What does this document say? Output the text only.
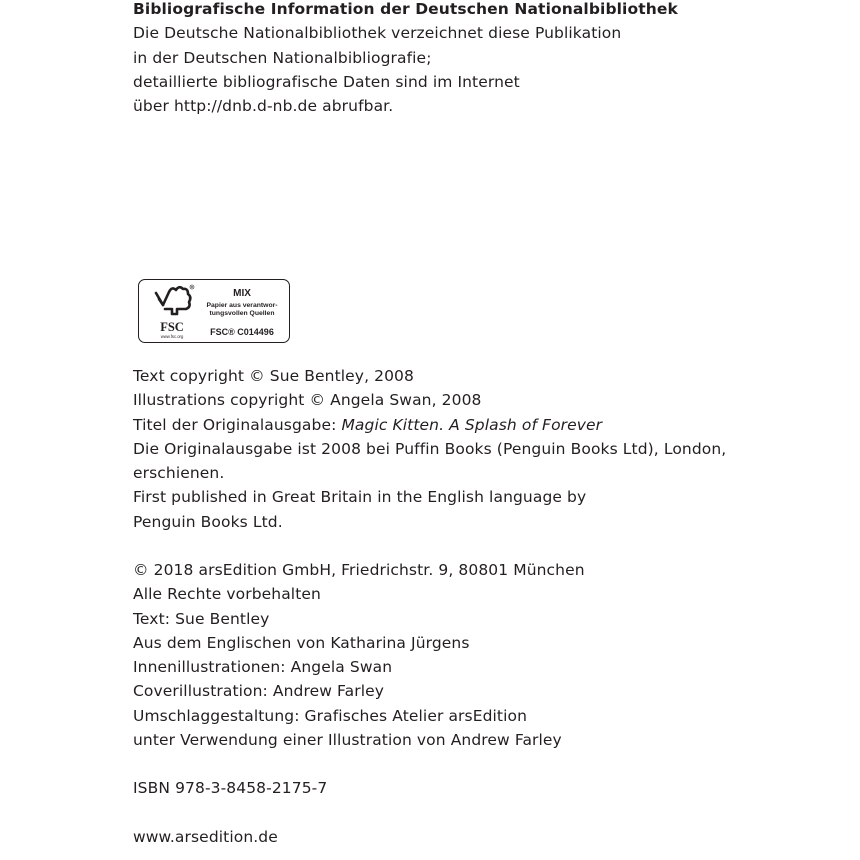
Bibliografische Information der Deutschen Nationalbibliothek
Die Deutsche Nationalbibliothek verzeichnet diese Publikation
in der Deutschen Nationalbibliografie;
detaillierte bibliografische Daten sind im Internet
über http://dnb.d-nb.de abrufbar.
R
FSC
www.fsc.org
MIX
Papier aus verantwor-
tungsvollen Quellen
FSC® C014496
Text copyright © Sue Bentley, 2008
Illustrations copyright © Angela Swan, 2008
Titel der Originalausgabe: Magic Kitten. A Splash of Forever
Die Originalausgabe ist 2008 bei Puffin Books (Penguin Books Ltd), London,
erschienen.
First published in Great Britain in the English language by
Penguin Books Ltd.
© 2018 arsEdition GmbH, Friedrichstr. 9, 80801 München
Alle Rechte vorbehalten
Text: Sue Bentley
Aus dem Englischen von Katharina Jürgens
Innenillustrationen: Angela Swan
Coverillustration: Andrew Farley
Umschlaggestaltung: Grafisches Atelier arsEdition
unter Verwendung einer Illustration von Andrew Farley
ISBN 978-3-8458-2175-7
www.arsedition.de
